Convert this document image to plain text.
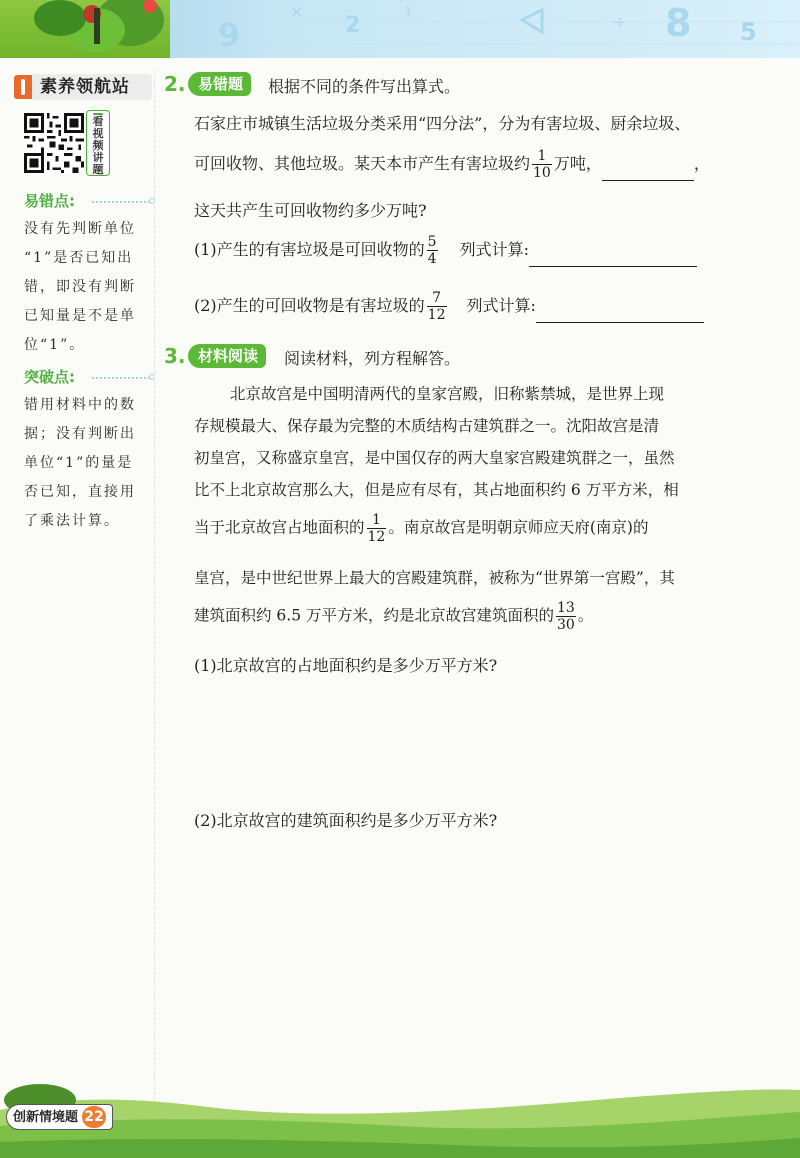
9
✕
2
⌇	÷ 8 5
素养领航站
看
视
频
讲
题
易错点:
没有先判断单位
“1”是否已知出
错，即没有判断
已知量是不是单
位“1”。
突破点:
错用材料中的数
据；没有判断出
单位“1”的量是
否已知，直接用
了乘法计算。
2. 易错题	根据不同的条件写出算式。
石家庄市城镇生活垃圾分类采用“四分法”，分为有害垃圾、厨余垃圾、
可回收物、其他垃圾。某天本市产生有害垃圾约 $\frac{1}{10}$ 万吨，	，
这天共产生可回收物约多少万吨?
(1)产生的有害垃圾是可回收物的 $\frac{5}{4}$ 列式计算:
(2)产生的可回收物是有害垃圾的 $\frac{7}{12}$ 列式计算:
3. 材料阅读	阅读材料，列方程解答。
北京故宫是中国明清两代的皇家宫殿，旧称紫禁城，是世界上现
存规模最大、保存最为完整的木质结构古建筑群之一。沈阳故宫是清
初皇宫，又称盛京皇宫，是中国仅存的两大皇家宫殿建筑群之一，虽然
比不上北京故宫那么大，但是应有尽有，其占地面积约 6 万平方米，相
当于北京故宫占地面积的 $\frac{1}{12}$ 。南京故宫是明朝京师应天府(南京)的
皇宫，是中世纪世界上最大的宫殿建筑群，被称为“世界第一宫殿”，其
建筑面积约 6.5 万平方米，约是北京故宫建筑面积的 $\frac{13}{30}$ 。
(1)北京故宫的占地面积约是多少万平方米?
(2)北京故宫的建筑面积约是多少万平方米?
创新情境题 22
